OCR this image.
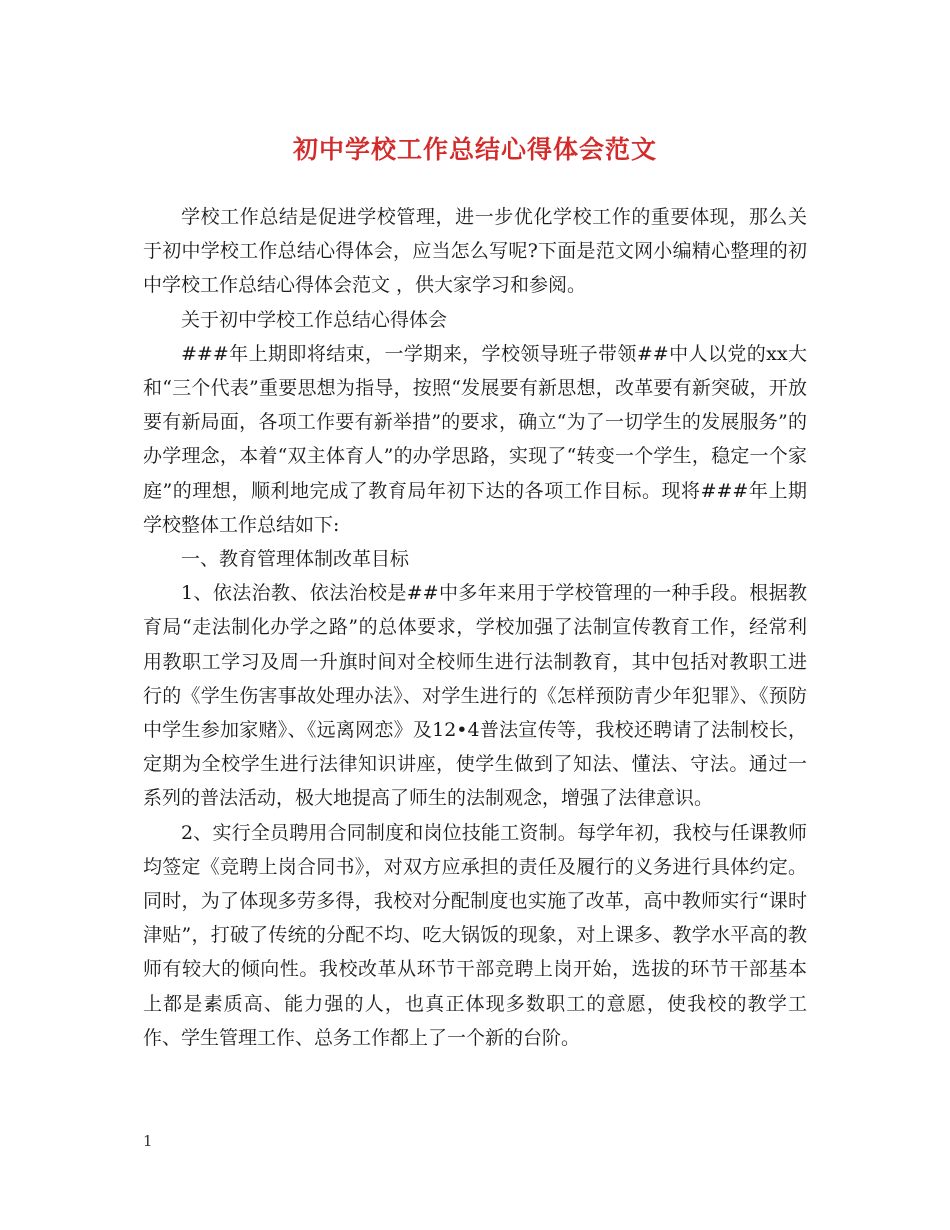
初中学校工作总结心得体会范文

学校工作总结是促进学校管理，进一步优化学校工作的重要体现，那么关于初中学校工作总结心得体会，应当怎么写呢?下面是范文网小编精心整理的初中学校工作总结心得体会范文 ，供大家学习和参阅。

关于初中学校工作总结心得体会

###年上期即将结束，一学期来，学校领导班子带领##中人以党的xx大和“三个代表”重要思想为指导，按照“发展要有新思想，改革要有新突破，开放要有新局面，各项工作要有新举措”的要求，确立“为了一切学生的发展服务”的办学理念，本着“双主体育人”的办学思路，实现了“转变一个学生，稳定一个家庭”的理想，顺利地完成了教育局年初下达的各项工作目标。现将###年上期学校整体工作总结如下:

一、教育管理体制改革目标

1、依法治教、依法治校是##中多年来用于学校管理的一种手段。根据教育局“走法制化办学之路”的总体要求，学校加强了法制宣传教育工作，经常利用教职工学习及周一升旗时间对全校师生进行法制教育，其中包括对教职工进行的《学生伤害事故处理办法》、对学生进行的《怎样预防青少年犯罪》、《预防中学生参加家赌》、《远离网恋》及12•4普法宣传等，我校还聘请了法制校长，定期为全校学生进行法律知识讲座，使学生做到了知法、懂法、守法。通过一系列的普法活动，极大地提高了师生的法制观念，增强了法律意识。

2、实行全员聘用合同制度和岗位技能工资制。每学年初，我校与任课教师均签定《竞聘上岗合同书》，对双方应承担的责任及履行的义务进行具体约定。同时，为了体现多劳多得，我校对分配制度也实施了改革，高中教师实行“课时津贴”，打破了传统的分配不均、吃大锅饭的现象，对上课多、教学水平高的教师有较大的倾向性。我校改革从环节干部竞聘上岗开始，选拔的环节干部基本上都是素质高、能力强的人，也真正体现多数职工的意愿，使我校的教学工作、学生管理工作、总务工作都上了一个新的台阶。

1
